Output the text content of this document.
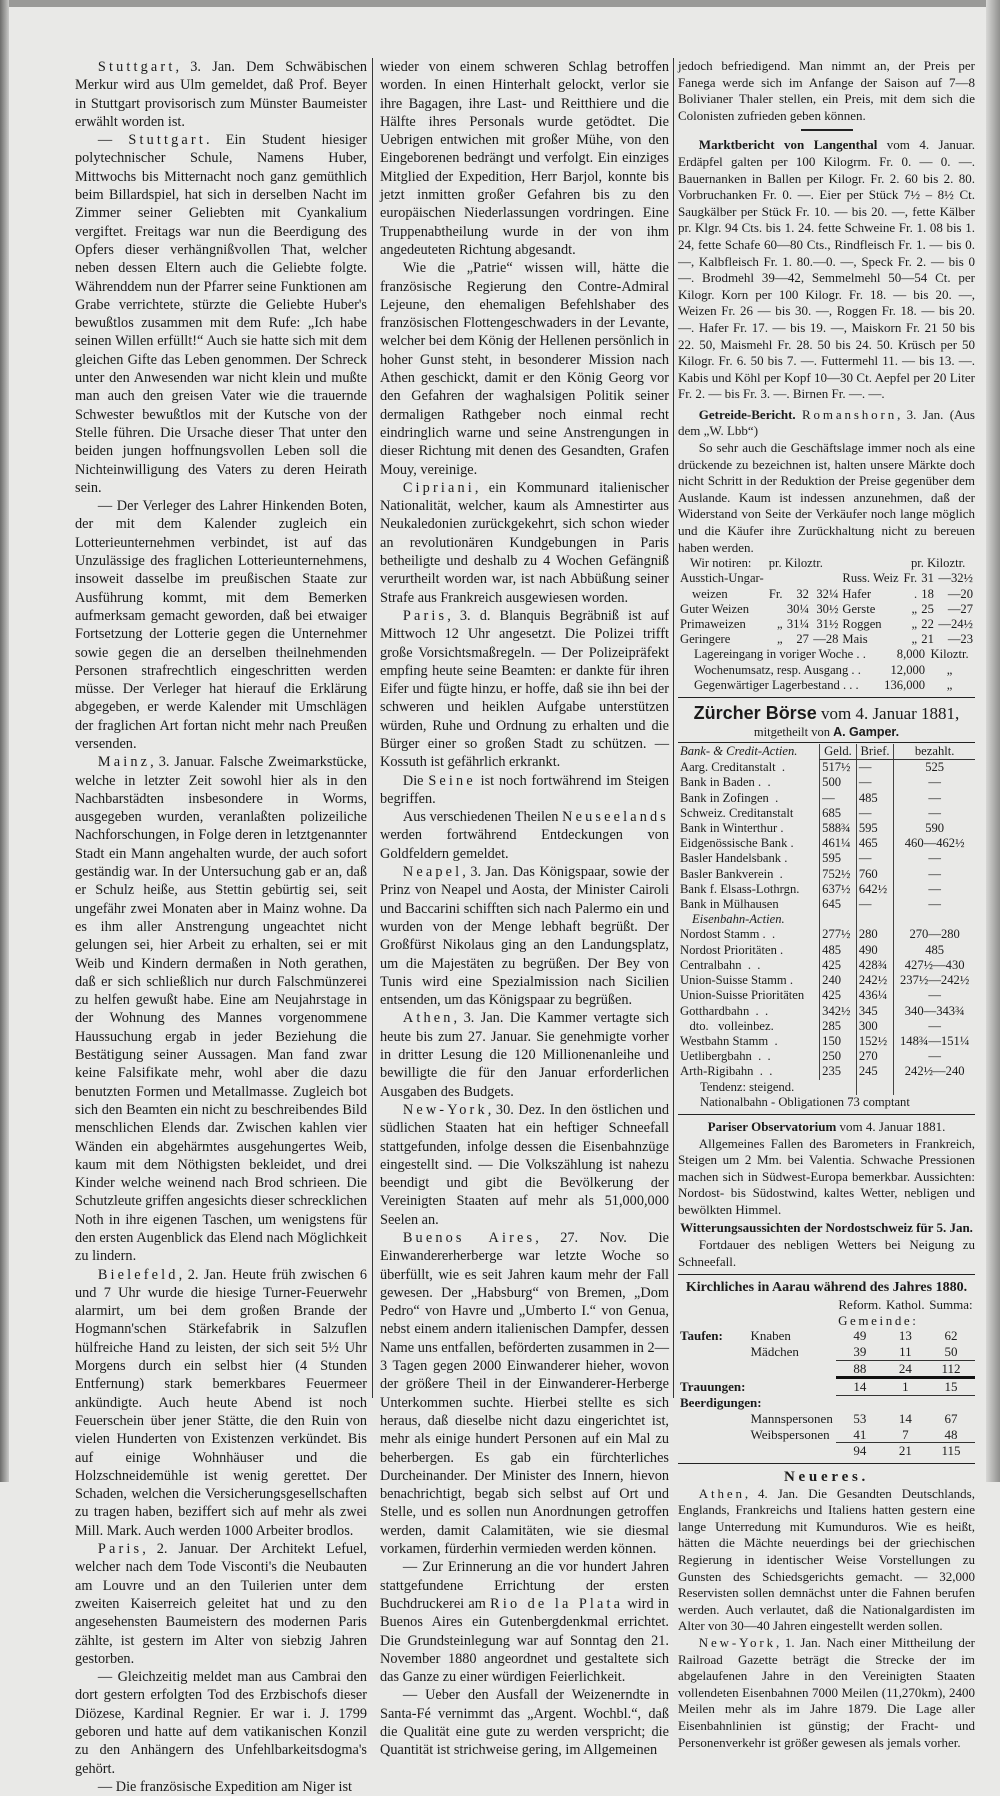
Stuttgart, 3. Jan. Dem Schwäbischen Merkur wird aus Ulm gemeldet, daß Prof. Beyer in Stuttgart provisorisch zum Münster Baumeister erwählt worden ist.

— Stuttgart. Ein Student hiesiger polytechnischer Schule, Namens Huber, Mittwochs bis Mitternacht noch ganz gemüthlich beim Billardspiel, hat sich in derselben Nacht im Zimmer seiner Geliebten mit Cyankalium vergiftet. Freitags war nun die Beerdigung des Opfers dieser verhängnißvollen That, welcher neben dessen Eltern auch die Geliebte folgte. Währenddem nun der Pfarrer seine Funktionen am Grabe verrichtete, stürzte die Geliebte Huber's bewußtlos zusammen mit dem Rufe: „Ich habe seinen Willen erfüllt!“ Auch sie hatte sich mit dem gleichen Gifte das Leben genommen. Der Schreck unter den Anwesenden war nicht klein und mußte man auch den greisen Vater wie die trauernde Schwester bewußtlos mit der Kutsche von der Stelle führen. Die Ursache dieser That unter den beiden jungen hoffnungsvollen Leben soll die Nichteinwilligung des Vaters zu deren Heirath sein.

— Der Verleger des Lahrer Hinkenden Boten, der mit dem Kalender zugleich ein Lotterieunternehmen verbindet, ist auf das Unzulässige des fraglichen Lotterieunternehmens, insoweit dasselbe im preußischen Staate zur Ausführung kommt, mit dem Bemerken aufmerksam gemacht geworden, daß bei etwaiger Fortsetzung der Lotterie gegen die Unternehmer sowie gegen die an derselben theilnehmenden Personen strafrechtlich eingeschritten werden müsse. Der Verleger hat hierauf die Erklärung abgegeben, er werde Kalender mit Umschlägen der fraglichen Art fortan nicht mehr nach Preußen versenden.

Mainz, 3. Januar. Falsche Zweimarkstücke, welche in letzter Zeit sowohl hier als in den Nachbarstädten insbesondere in Worms, ausgegeben wurden, veranlaßten polizeiliche Nachforschungen, in Folge deren in letztgenannter Stadt ein Mann angehalten wurde, der auch sofort geständig war. In der Untersuchung gab er an, daß er Schulz heiße, aus Stettin gebürtig sei, seit ungefähr zwei Monaten aber in Mainz wohne. Da es ihm aller Anstrengung ungeachtet nicht gelungen sei, hier Arbeit zu erhalten, sei er mit Weib und Kindern dermaßen in Noth gerathen, daß er sich schließlich nur durch Falschmünzerei zu helfen gewußt habe. Eine am Neujahrstage in der Wohnung des Mannes vorgenommene Haussuchung ergab in jeder Beziehung die Bestätigung seiner Aussagen. Man fand zwar keine Falsifikate mehr, wohl aber die dazu benutzten Formen und Metallmasse. Zugleich bot sich den Beamten ein nicht zu beschreibendes Bild menschlichen Elends dar. Zwischen kahlen vier Wänden ein abgehärmtes ausgehungertes Weib, kaum mit dem Nöthigsten bekleidet, und drei Kinder welche weinend nach Brod schrieen. Die Schutzleute griffen angesichts dieser schrecklichen Noth in ihre eigenen Taschen, um wenigstens für den ersten Augenblick das Elend nach Möglichkeit zu lindern.

Bielefeld, 2. Jan. Heute früh zwischen 6 und 7 Uhr wurde die hiesige Turner-Feuerwehr alarmirt, um bei dem großen Brande der Hogmann'schen Stärkefabrik in Salzuflen hülfreiche Hand zu leisten, der sich seit 5½ Uhr Morgens durch ein selbst hier (4 Stunden Entfernung) stark bemerkbares Feuermeer ankündigte. Auch heute Abend ist noch Feuerschein über jener Stätte, die den Ruin von vielen Hunderten von Existenzen verkündet. Bis auf einige Wohnhäuser und die Holzschneidemühle ist wenig gerettet. Der Schaden, welchen die Versicherungsgesellschaften zu tragen haben, beziffert sich auf mehr als zwei Mill. Mark. Auch werden 1000 Arbeiter brodlos.

Paris, 2. Januar. Der Architekt Lefuel, welcher nach dem Tode Visconti's die Neubauten am Louvre und an den Tuilerien unter dem zweiten Kaiserreich geleitet hat und zu den angesehensten Baumeistern des modernen Paris zählte, ist gestern im Alter von siebzig Jahren gestorben.

— Gleichzeitig meldet man aus Cambrai den dort gestern erfolgten Tod des Erzbischofs dieser Diözese, Kardinal Regnier. Er war i. J. 1799 geboren und hatte auf dem vatikanischen Konzil zu den Anhängern des Unfehlbarkeitsdogma's gehört.

— Die französische Expedition am Niger ist

wieder von einem schweren Schlag betroffen worden. In einen Hinterhalt gelockt, verlor sie ihre Bagagen, ihre Last- und Reitthiere und die Hälfte ihres Personals wurde getödtet. Die Uebrigen entwichen mit großer Mühe, von den Eingeborenen bedrängt und verfolgt. Ein einziges Mitglied der Expedition, Herr Barjol, konnte bis jetzt inmitten großer Gefahren bis zu den europäischen Niederlassungen vordringen. Eine Truppenabtheilung wurde in der von ihm angedeuteten Richtung abgesandt.

Wie die „Patrie“ wissen will, hätte die französische Regierung den Contre-Admiral Lejeune, den ehemaligen Befehlshaber des französischen Flottengeschwaders in der Levante, welcher bei dem König der Hellenen persönlich in hoher Gunst steht, in besonderer Mission nach Athen geschickt, damit er den König Georg vor den Gefahren der waghalsigen Politik seiner dermaligen Rathgeber noch einmal recht eindringlich warne und seine Anstrengungen in dieser Richtung mit denen des Gesandten, Grafen Mouy, vereinige.

Cipriani, ein Kommunard italienischer Nationalität, welcher, kaum als Amnestirter aus Neukaledonien zurückgekehrt, sich schon wieder an revolutionären Kundgebungen in Paris betheiligte und deshalb zu 4 Wochen Gefängniß verurtheilt worden war, ist nach Abbüßung seiner Strafe aus Frankreich ausgewiesen worden.

Paris, 3. d. Blanquis Begräbniß ist auf Mittwoch 12 Uhr angesetzt. Die Polizei trifft große Vorsichtsmaßregeln. — Der Polizeipräfekt empfing heute seine Beamten: er dankte für ihren Eifer und fügte hinzu, er hoffe, daß sie ihn bei der schweren und heiklen Aufgabe unterstützen würden, Ruhe und Ordnung zu erhalten und die Bürger einer so großen Stadt zu schützen. — Kossuth ist gefährlich erkrankt.

Die Seine ist noch fortwährend im Steigen begriffen.

Aus verschiedenen Theilen Neuseelands werden fortwährend Entdeckungen von Goldfeldern gemeldet.

Neapel, 3. Jan. Das Königspaar, sowie der Prinz von Neapel und Aosta, der Minister Cairoli und Baccarini schifften sich nach Palermo ein und wurden von der Menge lebhaft begrüßt. Der Großfürst Nikolaus ging an den Landungsplatz, um die Majestäten zu begrüßen. Der Bey von Tunis wird eine Spezialmission nach Sicilien entsenden, um das Königspaar zu begrüßen.

Athen, 3. Jan. Die Kammer vertagte sich heute bis zum 27. Januar. Sie genehmigte vorher in dritter Lesung die 120 Millionenanleihe und bewilligte die für den Januar erforderlichen Ausgaben des Budgets.

New-York, 30. Dez. In den östlichen und südlichen Staaten hat ein heftiger Schneefall stattgefunden, infolge dessen die Eisenbahnzüge eingestellt sind. — Die Volkszählung ist nahezu beendigt und gibt die Bevölkerung der Vereinigten Staaten auf mehr als 51,000,000 Seelen an.

Buenos Aires, 27. Nov. Die Einwandererherberge war letzte Woche so überfüllt, wie es seit Jahren kaum mehr der Fall gewesen. Der „Habsburg“ von Bremen, „Dom Pedro“ von Havre und „Umberto I.“ von Genua, nebst einem andern italienischen Dampfer, dessen Name uns entfallen, beförderten zusammen in 2—3 Tagen gegen 2000 Einwanderer hieher, wovon der größere Theil in der Einwanderer-Herberge Unterkommen suchte. Hierbei stellte es sich heraus, daß dieselbe nicht dazu eingerichtet ist, mehr als einige hundert Personen auf ein Mal zu beherbergen. Es gab ein fürchterliches Durcheinander. Der Minister des Innern, hievon benachrichtigt, begab sich selbst auf Ort und Stelle, und es sollen nun Anordnungen getroffen werden, damit Calamitäten, wie sie diesmal vorkamen, fürderhin vermieden werden können.

— Zur Erinnerung an die vor hundert Jahren stattgefundene Errichtung der ersten Buchdruckerei am Rio de la Plata wird in Buenos Aires ein Gutenbergdenkmal errichtet. Die Grundsteinlegung war auf Sonntag den 21. November 1880 angeordnet und gestaltete sich das Ganze zu einer würdigen Feierlichkeit.

— Ueber den Ausfall der Weizenerndte in Santa-Fé vernimmt das „Argent. Wochbl.“, daß die Qualität eine gute zu werden verspricht; die Quantität ist strichweise gering, im Allgemeinen

jedoch befriedigend. Man nimmt an, der Preis per Fanega werde sich im Anfange der Saison auf 7—8 Bolivianer Thaler stellen, ein Preis, mit dem sich die Colonisten zufrieden geben können.

Marktbericht von Langenthal vom 4. Januar. Erdäpfel galten per 100 Kilogrm. Fr. 0. — 0. —. Bauernanken in Ballen per Kilogr. Fr. 2. 60 bis 2. 80. Vorbruchanken Fr. 0. —. Eier per Stück 7½ – 8½ Ct. Saugkälber per Stück Fr. 10. — bis 20. —, fette Kälber pr. Klgr. 94 Cts. bis 1. 24. fette Schweine Fr. 1. 08 bis 1. 24, fette Schafe 60—80 Cts., Rindfleisch Fr. 1. — bis 0. —, Kalbfleisch Fr. 1. 80.—0. —, Speck Fr. 2. — bis 0 —. Brodmehl 39—42, Semmelmehl 50—54 Ct. per Kilogr. Korn per 100 Kilogr. Fr. 18. — bis 20. —, Weizen Fr. 26 — bis 30. —, Roggen Fr. 18. — bis 20. —. Hafer Fr. 17. — bis 19. —, Maiskorn Fr. 21 50 bis 22. 50, Maismehl Fr. 28. 50 bis 24. 50. Krüsch per 50 Kilogr. Fr. 6. 50 bis 7. —. Futtermehl 11. — bis 13. —. Kabis und Köhl per Kopf 10—30 Ct. Aepfel per 20 Liter Fr. 2. — bis Fr. 3. —. Birnen Fr. —. —.

Getreide-Bericht. Romanshorn, 3. Jan. (Aus dem „W. Lbb“)

So sehr auch die Geschäftslage immer noch als eine drückende zu bezeichnen ist, halten unsere Märkte doch nicht Schritt in der Reduktion der Preise gegenüber dem Auslande. Kaum ist indessen anzunehmen, daß der Widerstand von Seite der Verkäufer noch lange möglich und die Käufer ihre Zurückhaltung nicht zu bereuen haben werden.

Wir notiren:	pr. Kiloztr.				pr. Kiloztr.		
Ausstich-Ungar-				Russ. Weiz	Fr.	31	—32½
weizen	Fr.	32	32¼	Hafer	.	18	—20
Guter Weizen		30¼	30½	Gerste	„	25	—27
Primaweizen	„	31¼	31½	Roggen	„	22	—24½
Geringere	„	27	—28	Mais	„	21	—23
Lagereingang in voriger Woche . .	8,000	Kiloztr.
Wochenumsatz, resp. Ausgang . .	12,000	„
Gegenwärtiger Lagerbestand . . .	136,000	„
Zürcher Börse vom 4. Januar 1881,
mitgetheilt von A. Gamper.
Bank- & Credit-Actien.	Geld.	Brief.	bezahlt.
Aarg. Creditanstalt  .	517½	—	525
Bank in Baden .  .	500	—	—
Bank in Zofingen  .	—	485	—
Schweiz. Creditanstalt	685	—	—
Bank in Winterthur .	588¾	595	590
Eidgenössische Bank .	461¼	465	460—462½
Basler Handelsbank .	595	—	—
Basler Bankverein  .	752½	760	—
Bank f. Elsass-Lothrgn.	637½	642½	—
Bank in Mülhausen	645	—	—
Eisenbahn-Actien.			
Nordost Stamm .  .	277½	280	270—280
Nordost Prioritäten .	485	490	485
Centralbahn  .  .	425	428¾	427½—430
Union-Suisse Stamm .	240	242½	237½—242½
Union-Suisse Prioritäten	425	436¼	—
Gotthardbahn  .  .	342½	345	340—343¾
dto.   volleinbez.	285	300	—
Westbahn Stamm  .	150	152½	148¾—151¼
Uetlibergbahn  .  .	250	270	—
Arth-Rigibahn  .  .	235	245	242½—240
Tendenz: steigend.			
Nationalbahn - Obligationen 73 comptant			

Pariser Observatorium vom 4. Januar 1881.

Allgemeines Fallen des Barometers in Frankreich, Steigen um 2 Mm. bei Valentia. Schwache Pressionen machen sich in Südwest-Europa bemerkbar. Aussichten: Nordost- bis Südostwind, kaltes Wetter, nebligen und bewölkten Himmel.

Witterungsaussichten der Nordostschweiz für 5. Jan.

Fortdauer des nebligen Wetters bei Neigung zu Schneefall.

Kirchliches in Aarau während des Jahres 1880.
		Reform.	Kathol.	Summa:
		Gemeinde:		
Taufen:	Knaben	49	13	62
	Mädchen	39	11	50
		88	24	112
Trauungen:		14	1	15
Beerdigungen:				
	Mannspersonen	53	14	67
	Weibspersonen	41	7	48
		94	21	115
Neueres.

Athen, 4. Jan. Die Gesandten Deutschlands, Englands, Frankreichs und Italiens hatten gestern eine lange Unterredung mit Kumunduros. Wie es heißt, hätten die Mächte neuerdings bei der griechischen Regierung in identischer Weise Vorstellungen zu Gunsten des Schiedsgerichts gemacht. — 32,000 Reservisten sollen demnächst unter die Fahnen berufen werden. Auch verlautet, daß die Nationalgardisten im Alter von 30—40 Jahren eingestellt werden sollen.

New-York, 1. Jan. Nach einer Mittheilung der Railroad Gazette beträgt die Strecke der im abgelaufenen Jahre in den Vereinigten Staaten vollendeten Eisenbahnen 7000 Meilen (11,270km), 2400 Meilen mehr als im Jahre 1879. Die Lage aller Eisenbahnlinien ist günstig; der Fracht- und Personenverkehr ist größer gewesen als jemals vorher.
